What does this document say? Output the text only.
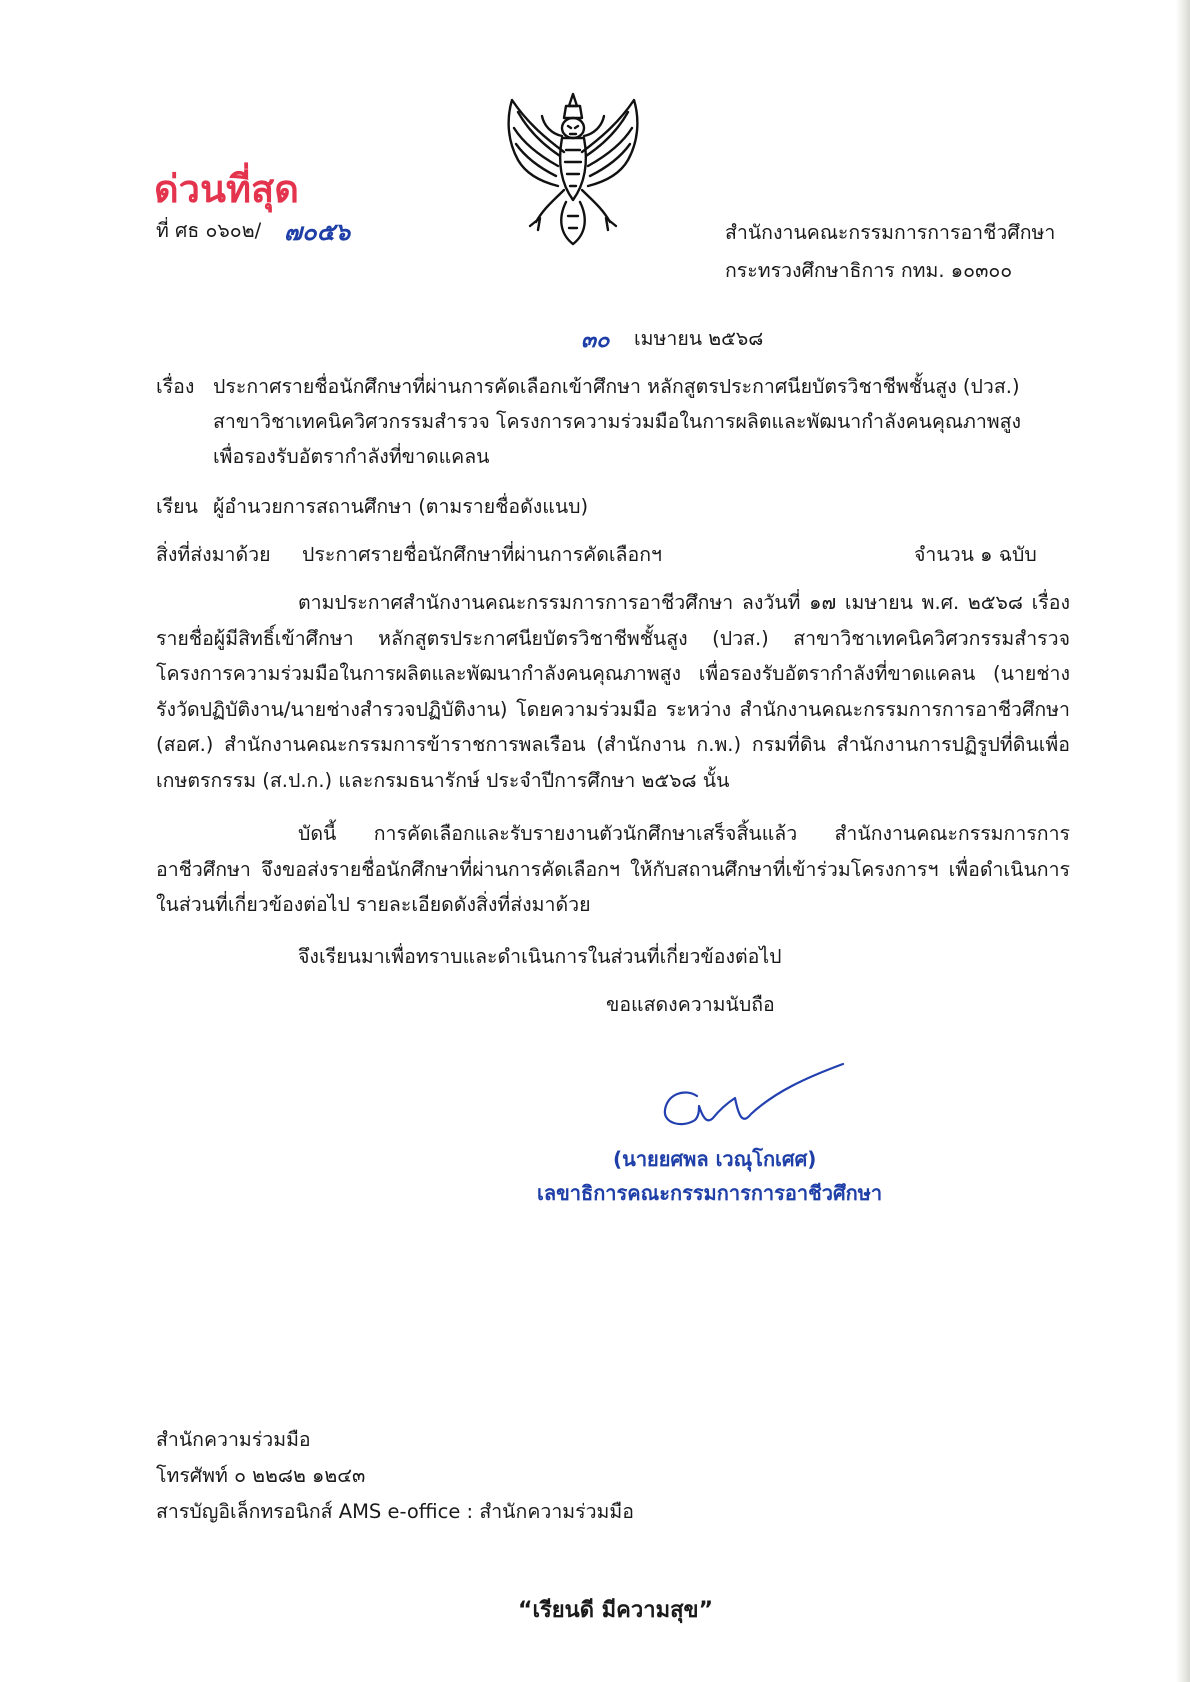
ด่วนที่สุด
ที่ ศธ ๐๖๐๒/ ๗๐๕๖	สำนักงานคณะกรรมการการอาชีวศึกษา
กระทรวงศึกษาธิการ กทม. ๑๐๓๐๐
๓๐ เมษายน ๒๕๖๘
เรื่อง ประกาศรายชื่อนักศึกษาที่ผ่านการคัดเลือกเข้าศึกษา หลักสูตรประกาศนียบัตรวิชาชีพชั้นสูง (ปวส.)
สาขาวิชาเทคนิควิศวกรรมสำรวจ โครงการความร่วมมือในการผลิตและพัฒนากำลังคนคุณภาพสูง
เพื่อรองรับอัตรากำลังที่ขาดแคลน
เรียน ผู้อำนวยการสถานศึกษา (ตามรายชื่อดังแนบ)
สิ่งที่ส่งมาด้วย ประกาศรายชื่อนักศึกษาที่ผ่านการคัดเลือกฯ	จำนวน ๑ ฉบับ
ตามประกาศสำนักงานคณะกรรมการการอาชีวศึกษา ลงวันที่ ๑๗ เมษายน พ.ศ. ๒๕๖๘ เรื่องรายชื่อผู้มีสิทธิ์เข้าศึกษา หลักสูตรประกาศนียบัตรวิชาชีพชั้นสูง (ปวส.) สาขาวิชาเทคนิควิศวกรรมสำรวจ โครงการความร่วมมือในการผลิตและพัฒนากำลังคนคุณภาพสูง เพื่อรองรับอัตรากำลังที่ขาดแคลน (นายช่างรังวัดปฏิบัติงาน/นายช่างสำรวจปฏิบัติงาน) โดยความร่วมมือ ระหว่าง สำนักงานคณะกรรมการการอาชีวศึกษา (สอศ.) สำนักงานคณะกรรมการข้าราชการพลเรือน (สำนักงาน ก.พ.) กรมที่ดิน สำนักงานการปฏิรูปที่ดินเพื่อเกษตรกรรม (ส.ป.ก.) และกรมธนารักษ์ ประจำปีการศึกษา ๒๕๖๘ นั้น
บัดนี้ การคัดเลือกและรับรายงานตัวนักศึกษาเสร็จสิ้นแล้ว สำนักงานคณะกรรมการการอาชีวศึกษา จึงขอส่งรายชื่อนักศึกษาที่ผ่านการคัดเลือกฯ ให้กับสถานศึกษาที่เข้าร่วมโครงการฯ เพื่อดำเนินการในส่วนที่เกี่ยวข้องต่อไป รายละเอียดดังสิ่งที่ส่งมาด้วย
จึงเรียนมาเพื่อทราบและดำเนินการในส่วนที่เกี่ยวข้องต่อไป
ขอแสดงความนับถือ
(นายยศพล เวณุโกเศศ)
เลขาธิการคณะกรรมการการอาชีวศึกษา
สำนักความร่วมมือ
โทรศัพท์ ๐ ๒๒๘๒ ๑๒๔๓
สารบัญอิเล็กทรอนิกส์ AMS e-office : สำนักความร่วมมือ
“เรียนดี มีความสุข”
